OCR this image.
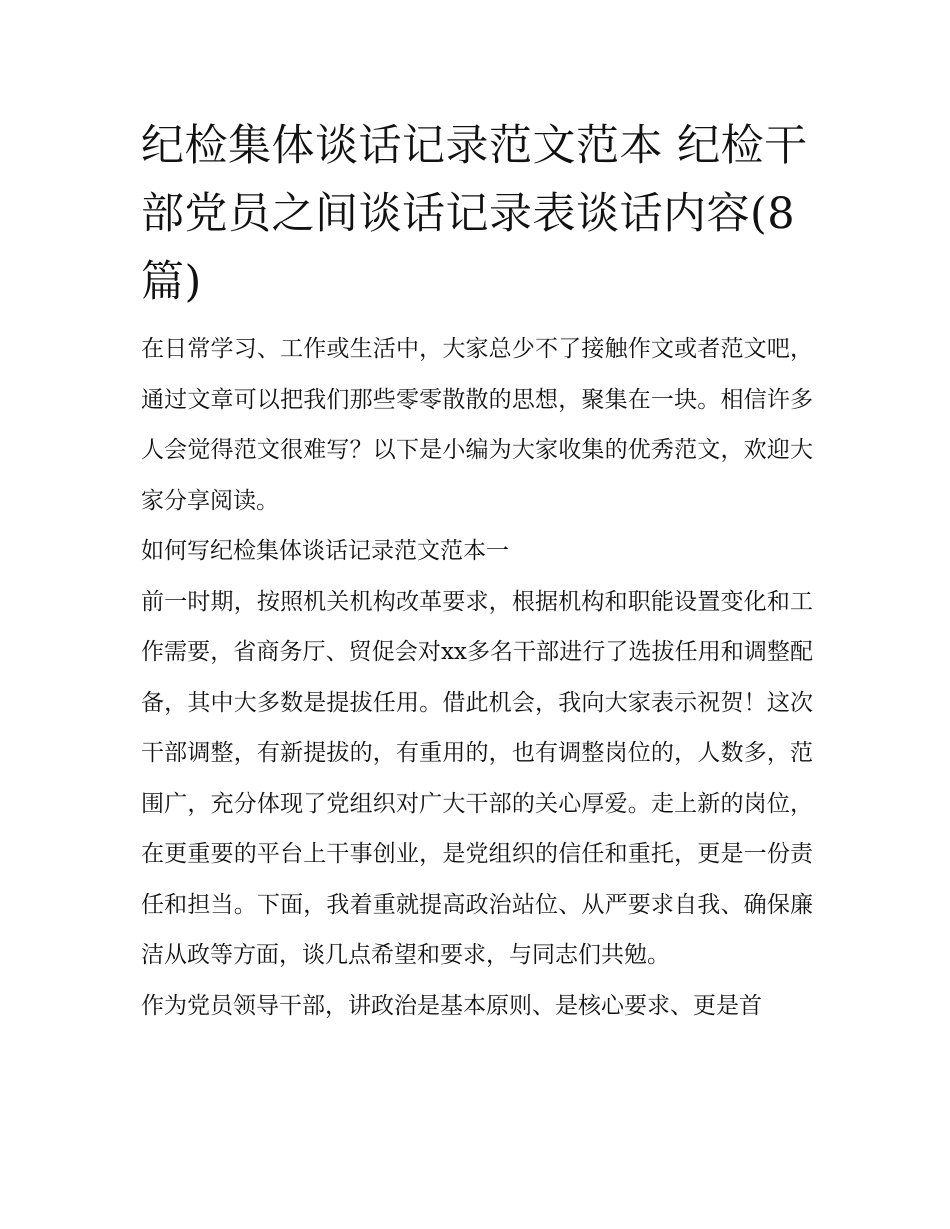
纪检集体谈话记录范文范本 纪检干部党员之间谈话记录表谈话内容(8篇)

在日常学习、工作或生活中，大家总少不了接触作文或者范文吧，通过文章可以把我们那些零零散散的思想，聚集在一块。相信许多人会觉得范文很难写？以下是小编为大家收集的优秀范文，欢迎大家分享阅读。

如何写纪检集体谈话记录范文范本一

前一时期，按照机关机构改革要求，根据机构和职能设置变化和工作需要，省商务厅、贸促会对xx多名干部进行了选拔任用和调整配备，其中大多数是提拔任用。借此机会，我向大家表示祝贺！这次干部调整，有新提拔的，有重用的，也有调整岗位的，人数多，范围广，充分体现了党组织对广大干部的关心厚爱。走上新的岗位，在更重要的平台上干事创业，是党组织的信任和重托，更是一份责任和担当。下面，我着重就提高政治站位、从严要求自我、确保廉洁从政等方面，谈几点希望和要求，与同志们共勉。

作为党员领导干部，讲政治是基本原则、是核心要求、更是首
